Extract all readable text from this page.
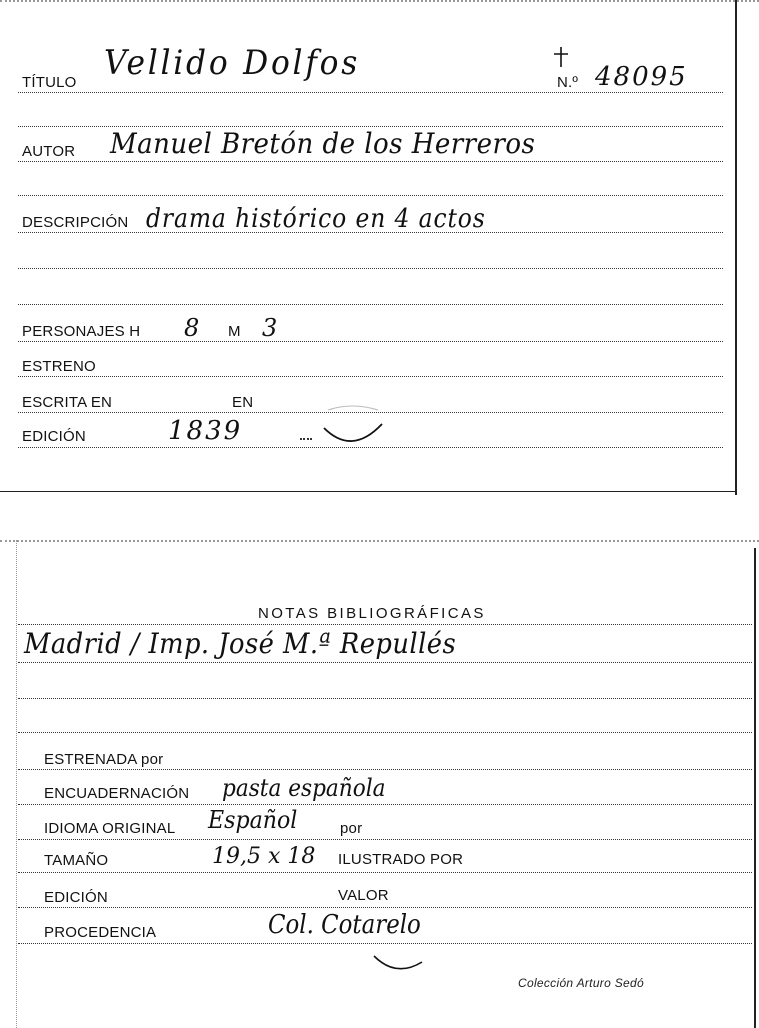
TÍTULO Vellido Dolfos	N.º 48095
AUTOR Manuel Bretón de los Herreros
DESCRIPCIÓN drama histórico en 4 actos
PERSONAJES H 8 M 3
ESTRENO
ESCRITA EN	EN
EDICIÓN	1839
NOTAS BIBLIOGRÁFICAS
Madrid / Imp. José M.ª Repullés
ESTRENADA por
ENCUADERNACIÓN pasta española
IDIOMA ORIGINAL Español	por
TAMAÑO	19,5 x 18 ILUSTRADO POR
EDICIÓN	VALOR
PROCEDENCIA	Col. Cotarelo
Colección Arturo Sedó
